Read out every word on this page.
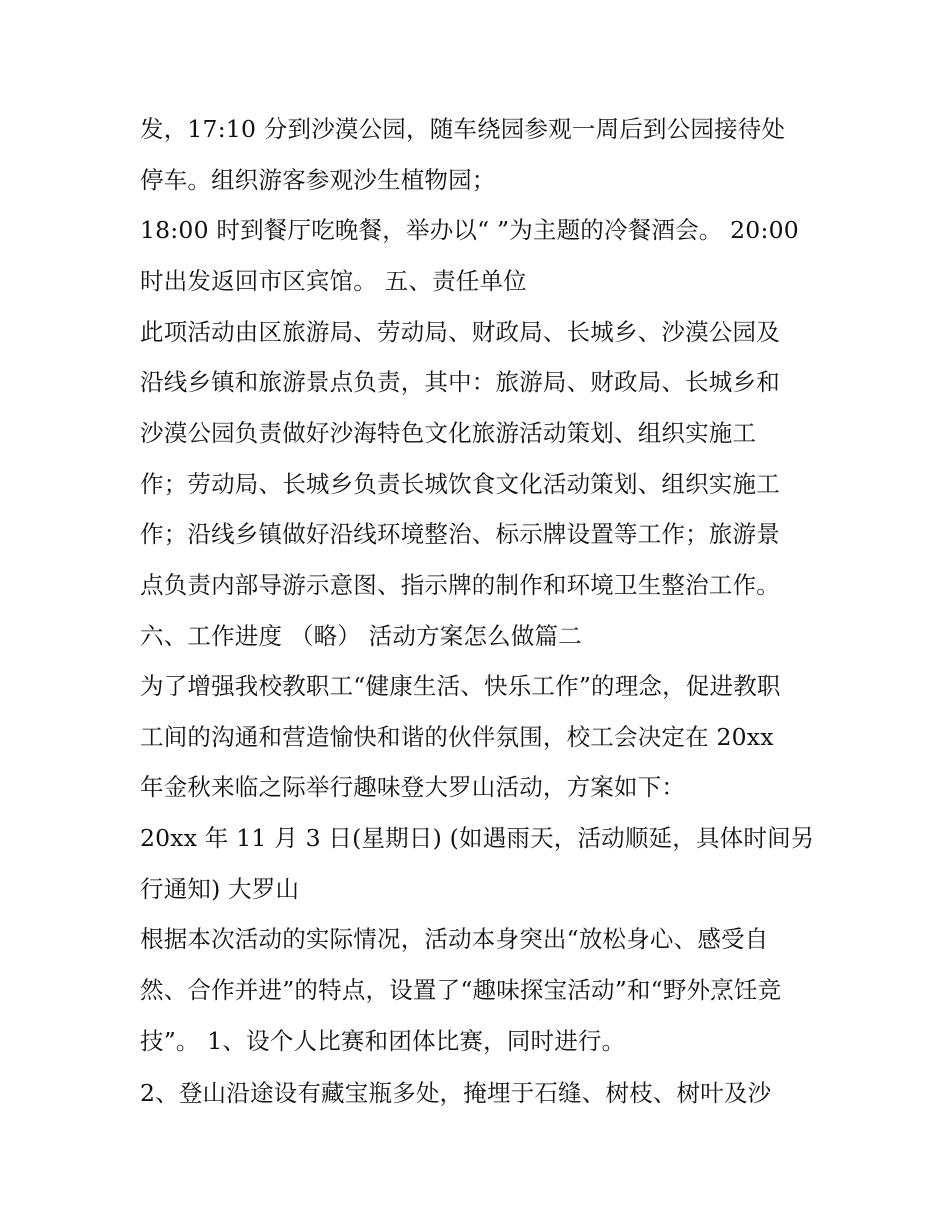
发，17:10 分到沙漠公园，随车绕园参观一周后到公园接待处

停车。组织游客参观沙生植物园；

18:00 时到餐厅吃晚餐，举办以“ ”为主题的冷餐酒会。 20:00

时出发返回市区宾馆。 五、责任单位

此项活动由区旅游局、劳动局、财政局、长城乡、沙漠公园及

沿线乡镇和旅游景点负责，其中：旅游局、财政局、长城乡和

沙漠公园负责做好沙海特色文化旅游活动策划、组织实施工

作；劳动局、长城乡负责长城饮食文化活动策划、组织实施工

作；沿线乡镇做好沿线环境整治、标示牌设置等工作；旅游景

点负责内部导游示意图、指示牌的制作和环境卫生整治工作。

六、工作进度 （略） 活动方案怎么做篇二

为了增强我校教职工“健康生活、快乐工作”的理念，促进教职

工间的沟通和营造愉快和谐的伙伴氛围，校工会决定在 20xx

年金秋来临之际举行趣味登大罗山活动，方案如下：

20xx 年 11 月 3 日(星期日) (如遇雨天，活动顺延，具体时间另

行通知) 大罗山

根据本次活动的实际情况，活动本身突出“放松身心、感受自

然、合作并进”的特点，设置了“趣味探宝活动”和“野外烹饪竞

技”。 1、设个人比赛和团体比赛，同时进行。

2、登山沿途设有藏宝瓶多处，掩埋于石缝、树枝、树叶及沙
